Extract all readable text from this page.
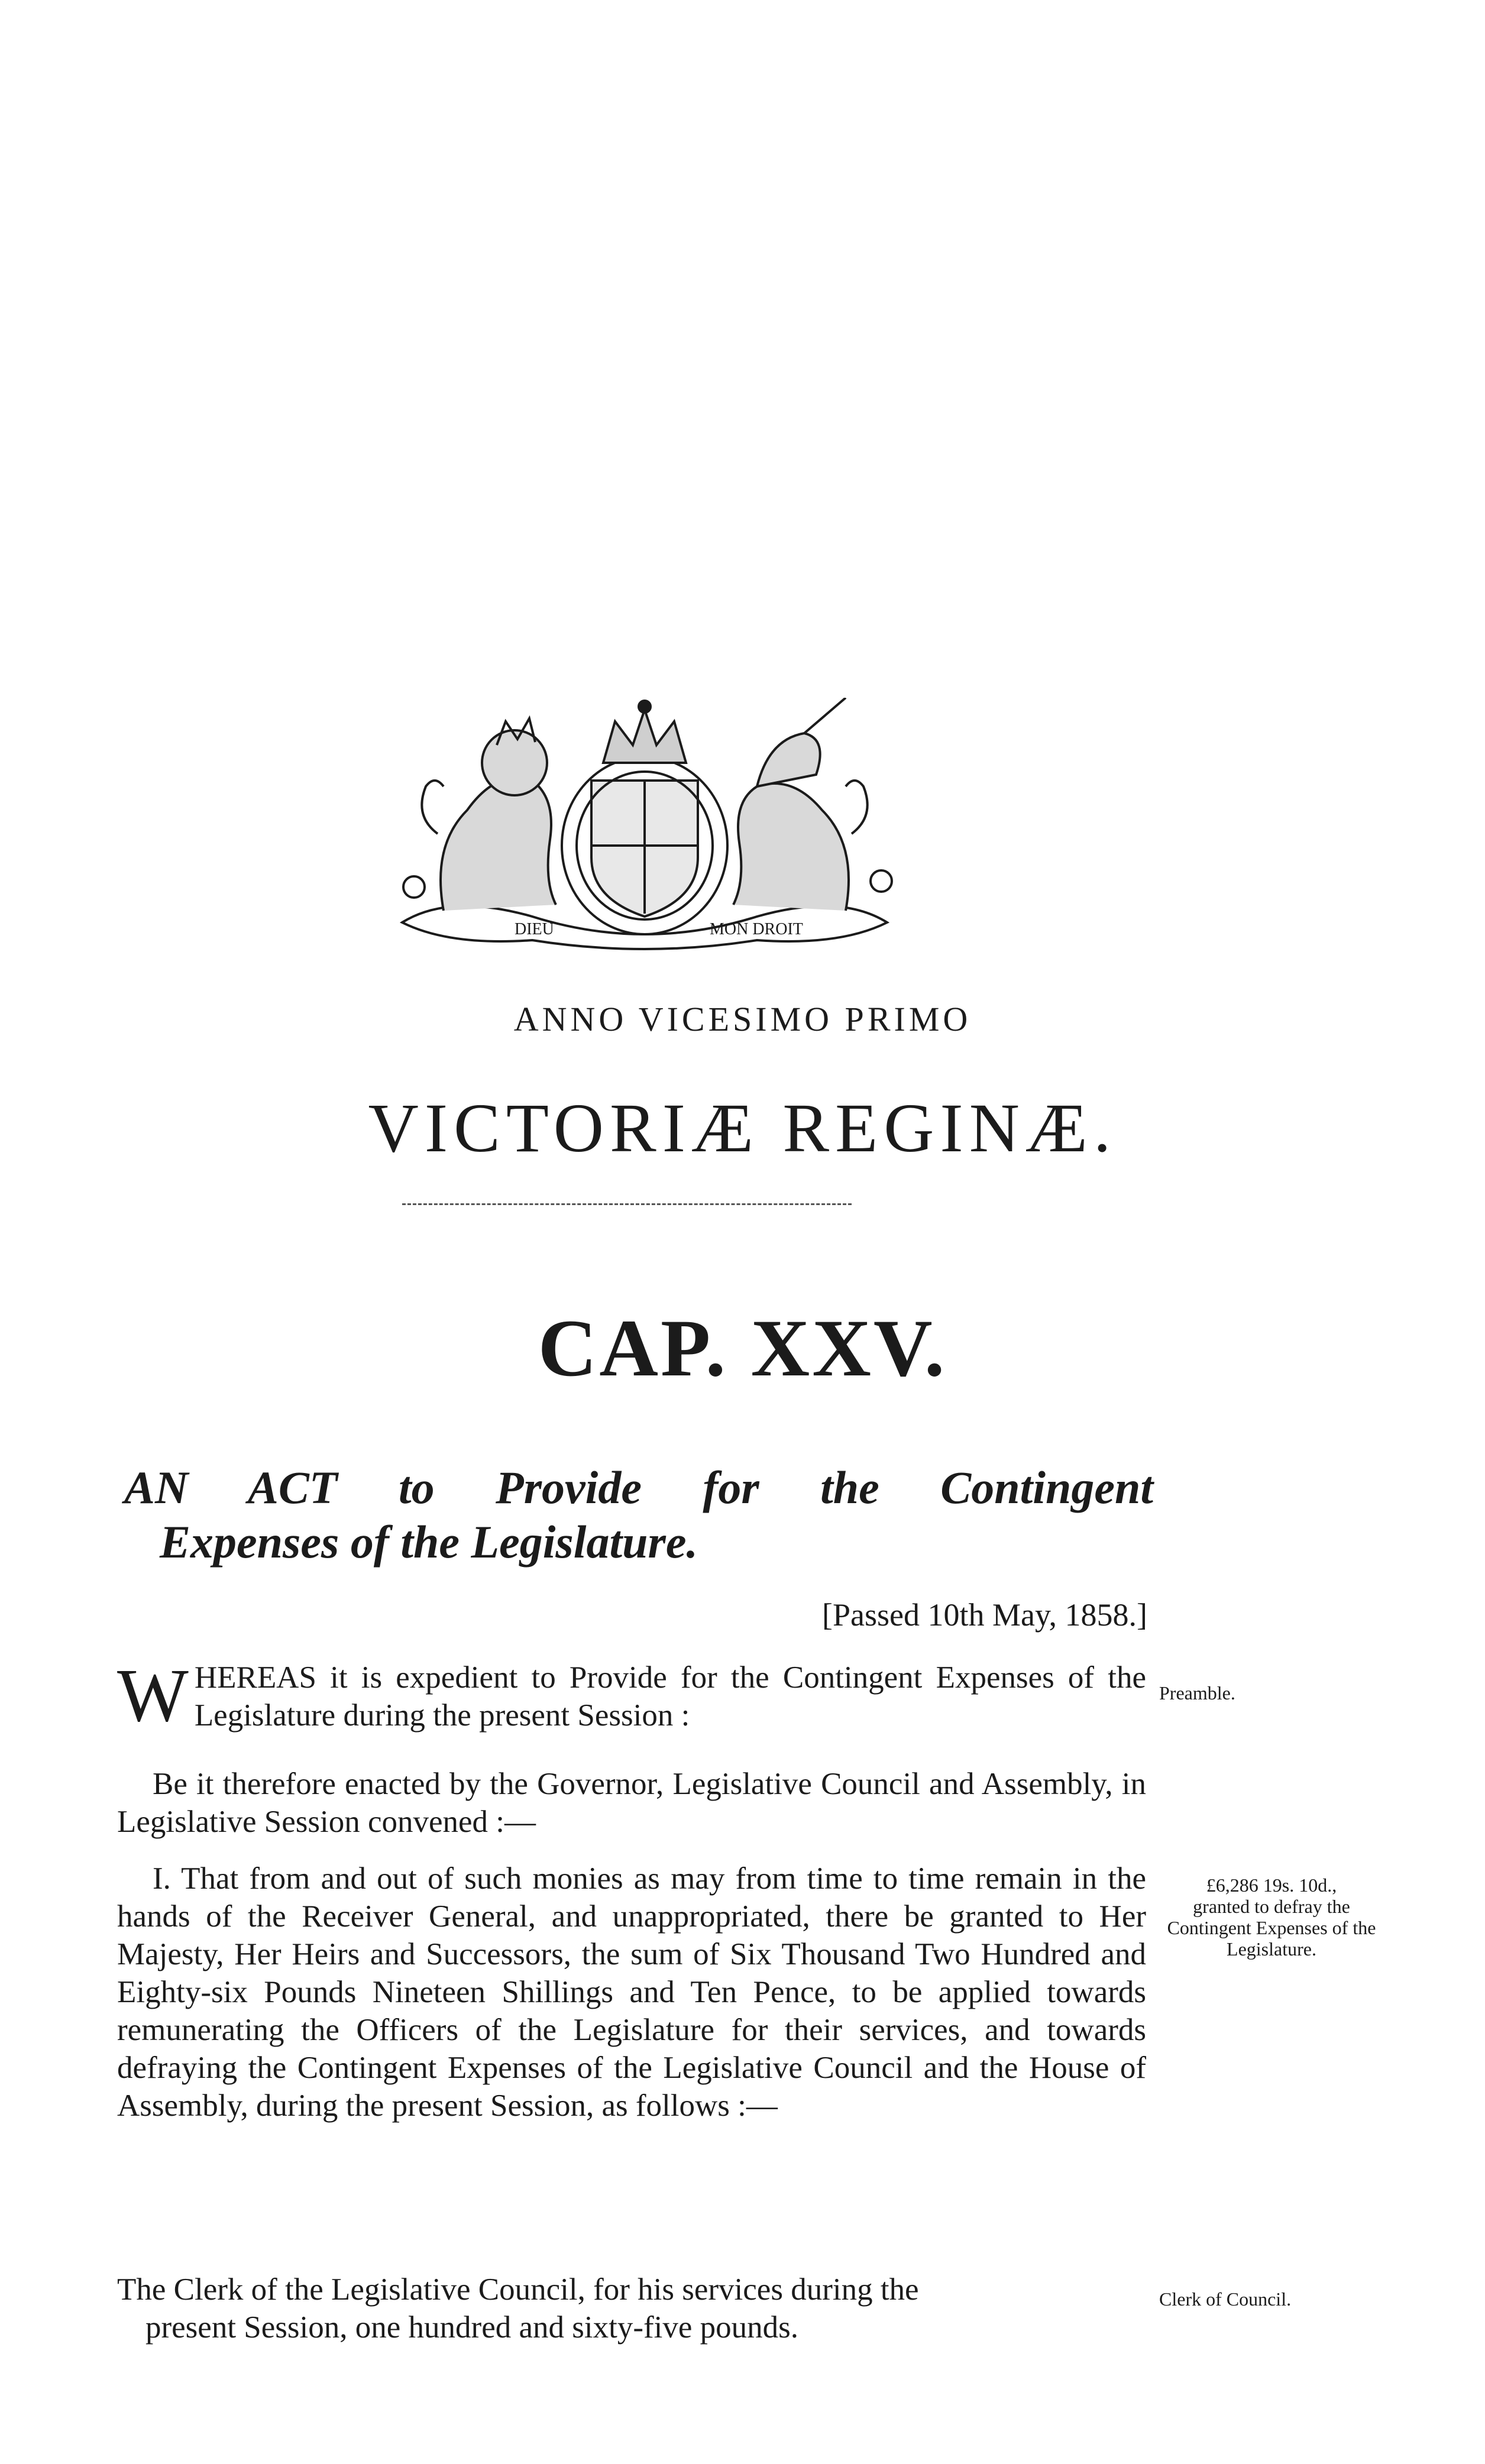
DIEU	MON DROIT
ANNO VICESIMO PRIMO
VICTORIÆ REGINÆ.
CAP. XXV.
AN ACT to Provide for the Contingent
Expenses of the Legislature.
[Passed 10th May, 1858.]
W HEREAS it is expedient to Provide for the Contingent Expenses of the Legislature during the present Session :
Be it therefore enacted by the Governor, Legislative Council and Assembly, in Legislative Session convened :—
I. That from and out of such monies as may from time to time remain in the hands of the Receiver General, and unappropriated, there be granted to Her Majesty, Her Heirs and Successors, the sum of Six Thousand Two Hundred and Eighty-six Pounds Nineteen Shillings and Ten Pence, to be applied towards remunerating the Officers of the Legislature for their services, and towards defraying the Contingent Expenses of the Legislative Council and the House of Assembly, during the present Session, as follows :—
The Clerk of the Legislative Council, for his services during the
present Session, one hundred and sixty-five pounds.
Preamble.
£6,286 19s. 10d.,
granted to defray the Contingent Expenses of the Legislature.
Clerk of Council.
